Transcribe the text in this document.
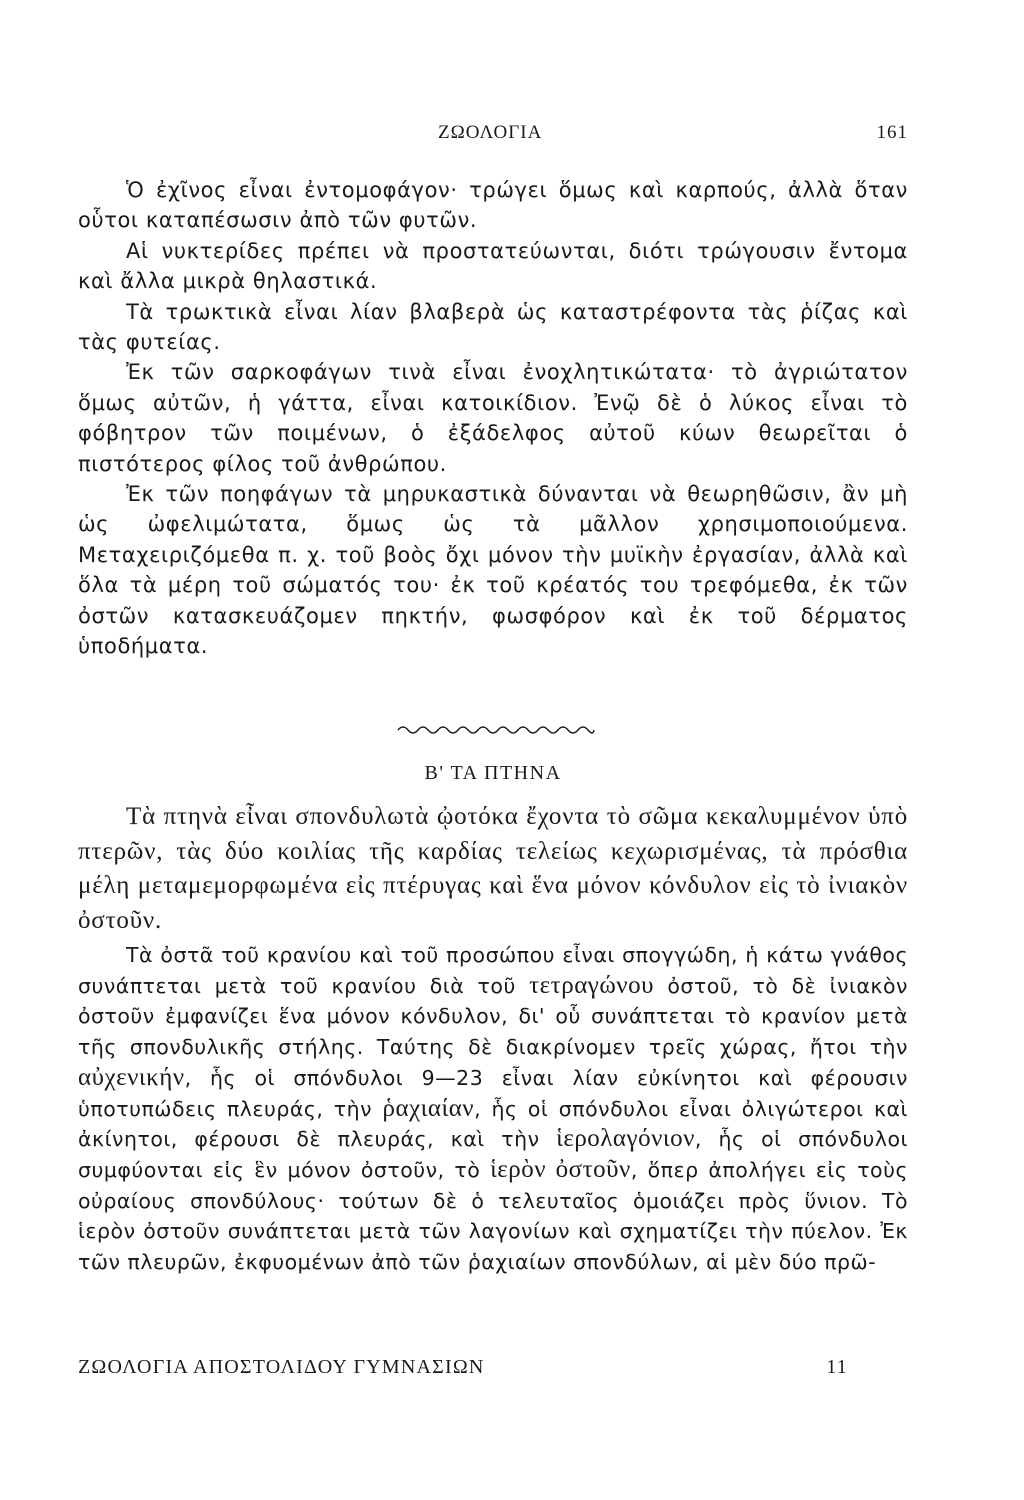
ΖΩΟΛΟΓΙΑ	161

Ὁ ἐχῖνος εἶναι ἐντομοφάγον· τρώγει ὅμως καὶ καρπούς, ἀλλὰ ὅταν οὗτοι καταπέσωσιν ἀπὸ τῶν φυτῶν.

Αἱ νυκτερίδες πρέπει νὰ προστατεύωνται, διότι τρώγουσιν ἔντομα καὶ ἄλλα μικρὰ θηλαστικά.

Τὰ τρωκτικὰ εἶναι λίαν βλαβερὰ ὡς καταστρέφοντα τὰς ῥίζας καὶ τὰς φυτείας.

Ἐκ τῶν σαρκοφάγων τινὰ εἶναι ἐνοχλητικώτατα· τὸ ἀγριώτατον ὅμως αὐτῶν, ἡ γάττα, εἶναι κατοικίδιον. Ἐνῷ δὲ ὁ λύκος εἶναι τὸ φόβητρον τῶν ποιμένων, ὁ ἐξάδελφος αὐτοῦ κύων θεωρεῖται ὁ πιστότερος φίλος τοῦ ἀνθρώπου.

Ἐκ τῶν ποηφάγων τὰ μηρυκαστικὰ δύνανται νὰ θεωρηθῶσιν, ἂν μὴ ὡς ὠφελιμώτατα, ὅμως ὡς τὰ μᾶλλον χρησιμοποιούμενα. Μεταχειριζόμεθα π. χ. τοῦ βοὸς ὄχι μόνον τὴν μυϊκὴν ἐργασίαν, ἀλλὰ καὶ ὅλα τὰ μέρη τοῦ σώματός του· ἐκ τοῦ κρέατός του τρεφόμεθα, ἐκ τῶν ὀστῶν κατασκευάζομεν πηκτήν, φωσφόρον καὶ ἐκ τοῦ δέρματος ὑποδήματα.

Β' ΤΑ ΠΤΗΝΑ

Τὰ πτηνὰ εἶναι σπονδυλωτὰ ᾠοτόκα ἔχοντα τὸ σῶμα κεκαλυμμένον ὑπὸ πτερῶν, τὰς δύο κοιλίας τῆς καρδίας τελείως κεχωρισμένας, τὰ πρόσθια μέλη μεταμεμορφωμένα εἰς πτέρυγας καὶ ἕνα μόνον κόνδυλον εἰς τὸ ἰνιακὸν ὀστοῦν.

Τὰ ὀστᾶ τοῦ κρανίου καὶ τοῦ προσώπου εἶναι σπογγώδη, ἡ κάτω γνάθος συνάπτεται μετὰ τοῦ κρανίου διὰ τοῦ τετραγώνου ὀστοῦ, τὸ δὲ ἰνιακὸν ὀστοῦν ἐμφανίζει ἕνα μόνον κόνδυλον, δι' οὗ συνάπτεται τὸ κρανίον μετὰ τῆς σπονδυλικῆς στήλης. Ταύτης δὲ διακρίνομεν τρεῖς χώρας, ἤτοι τὴν αὐχενικήν, ἧς οἱ σπόνδυλοι 9—23 εἶναι λίαν εὐκίνητοι καὶ φέρουσιν ὑποτυπώδεις πλευράς, τὴν ῥαχιαίαν, ἧς οἱ σπόνδυλοι εἶναι ὀλιγώτεροι καὶ ἀκίνητοι, φέρουσι δὲ πλευράς, καὶ τὴν ἱερολαγόνιον, ἧς οἱ σπόνδυλοι συμφύονται εἰς ἓν μόνον ὀστοῦν, τὸ ἱερὸν ὀστοῦν, ὅπερ ἀπολήγει εἰς τοὺς οὐραίους σπονδύλους· τούτων δὲ ὁ τελευταῖος ὁμοιάζει πρὸς ὕνιον. Τὸ ἱερὸν ὀστοῦν συνάπτεται μετὰ τῶν λαγονίων καὶ σχηματίζει τὴν πύελον. Ἐκ τῶν πλευρῶν, ἐκφυομένων ἀπὸ τῶν ῥαχιαίων σπονδύλων, αἱ μὲν δύο πρῶ-

ΖΩΟΛΟΓΙΑ ΑΠΟΣΤΟΛΙΔΟΥ ΓΥΜΝΑΣΙΩΝ	11
